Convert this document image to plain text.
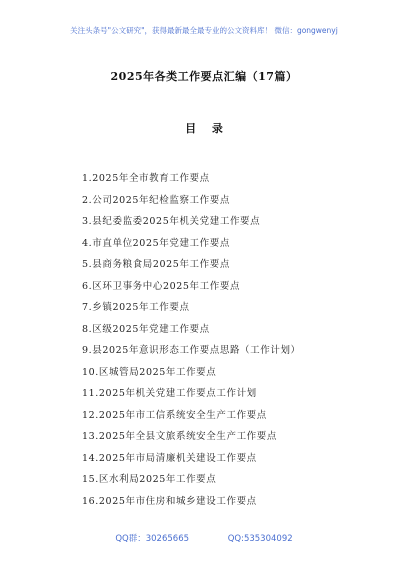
关注头条号"公文研究"，获得最新最全最专业的公文资料库！ 微信：gongwenyj
2025年各类工作要点汇编（17篇）
目 录
1.2025年全市教育工作要点
2.公司2025年纪检监察工作要点
3.县纪委监委2025年机关党建工作要点
4.市直单位2025年党建工作要点
5.县商务粮食局2025年工作要点
6.区环卫事务中心2025年工作要点
7.乡镇2025年工作要点
8.区级2025年党建工作要点
9.县2025年意识形态工作要点思路（工作计划）
10.区城管局2025年工作要点
11.2025年机关党建工作要点工作计划
12.2025年市工信系统安全生产工作要点
13.2025年全县文旅系统安全生产工作要点
14.2025年市局清廉机关建设工作要点
15.区水利局2025年工作要点
16.2025年市住房和城乡建设工作要点
QQ群：30265665	QQ:535304092
